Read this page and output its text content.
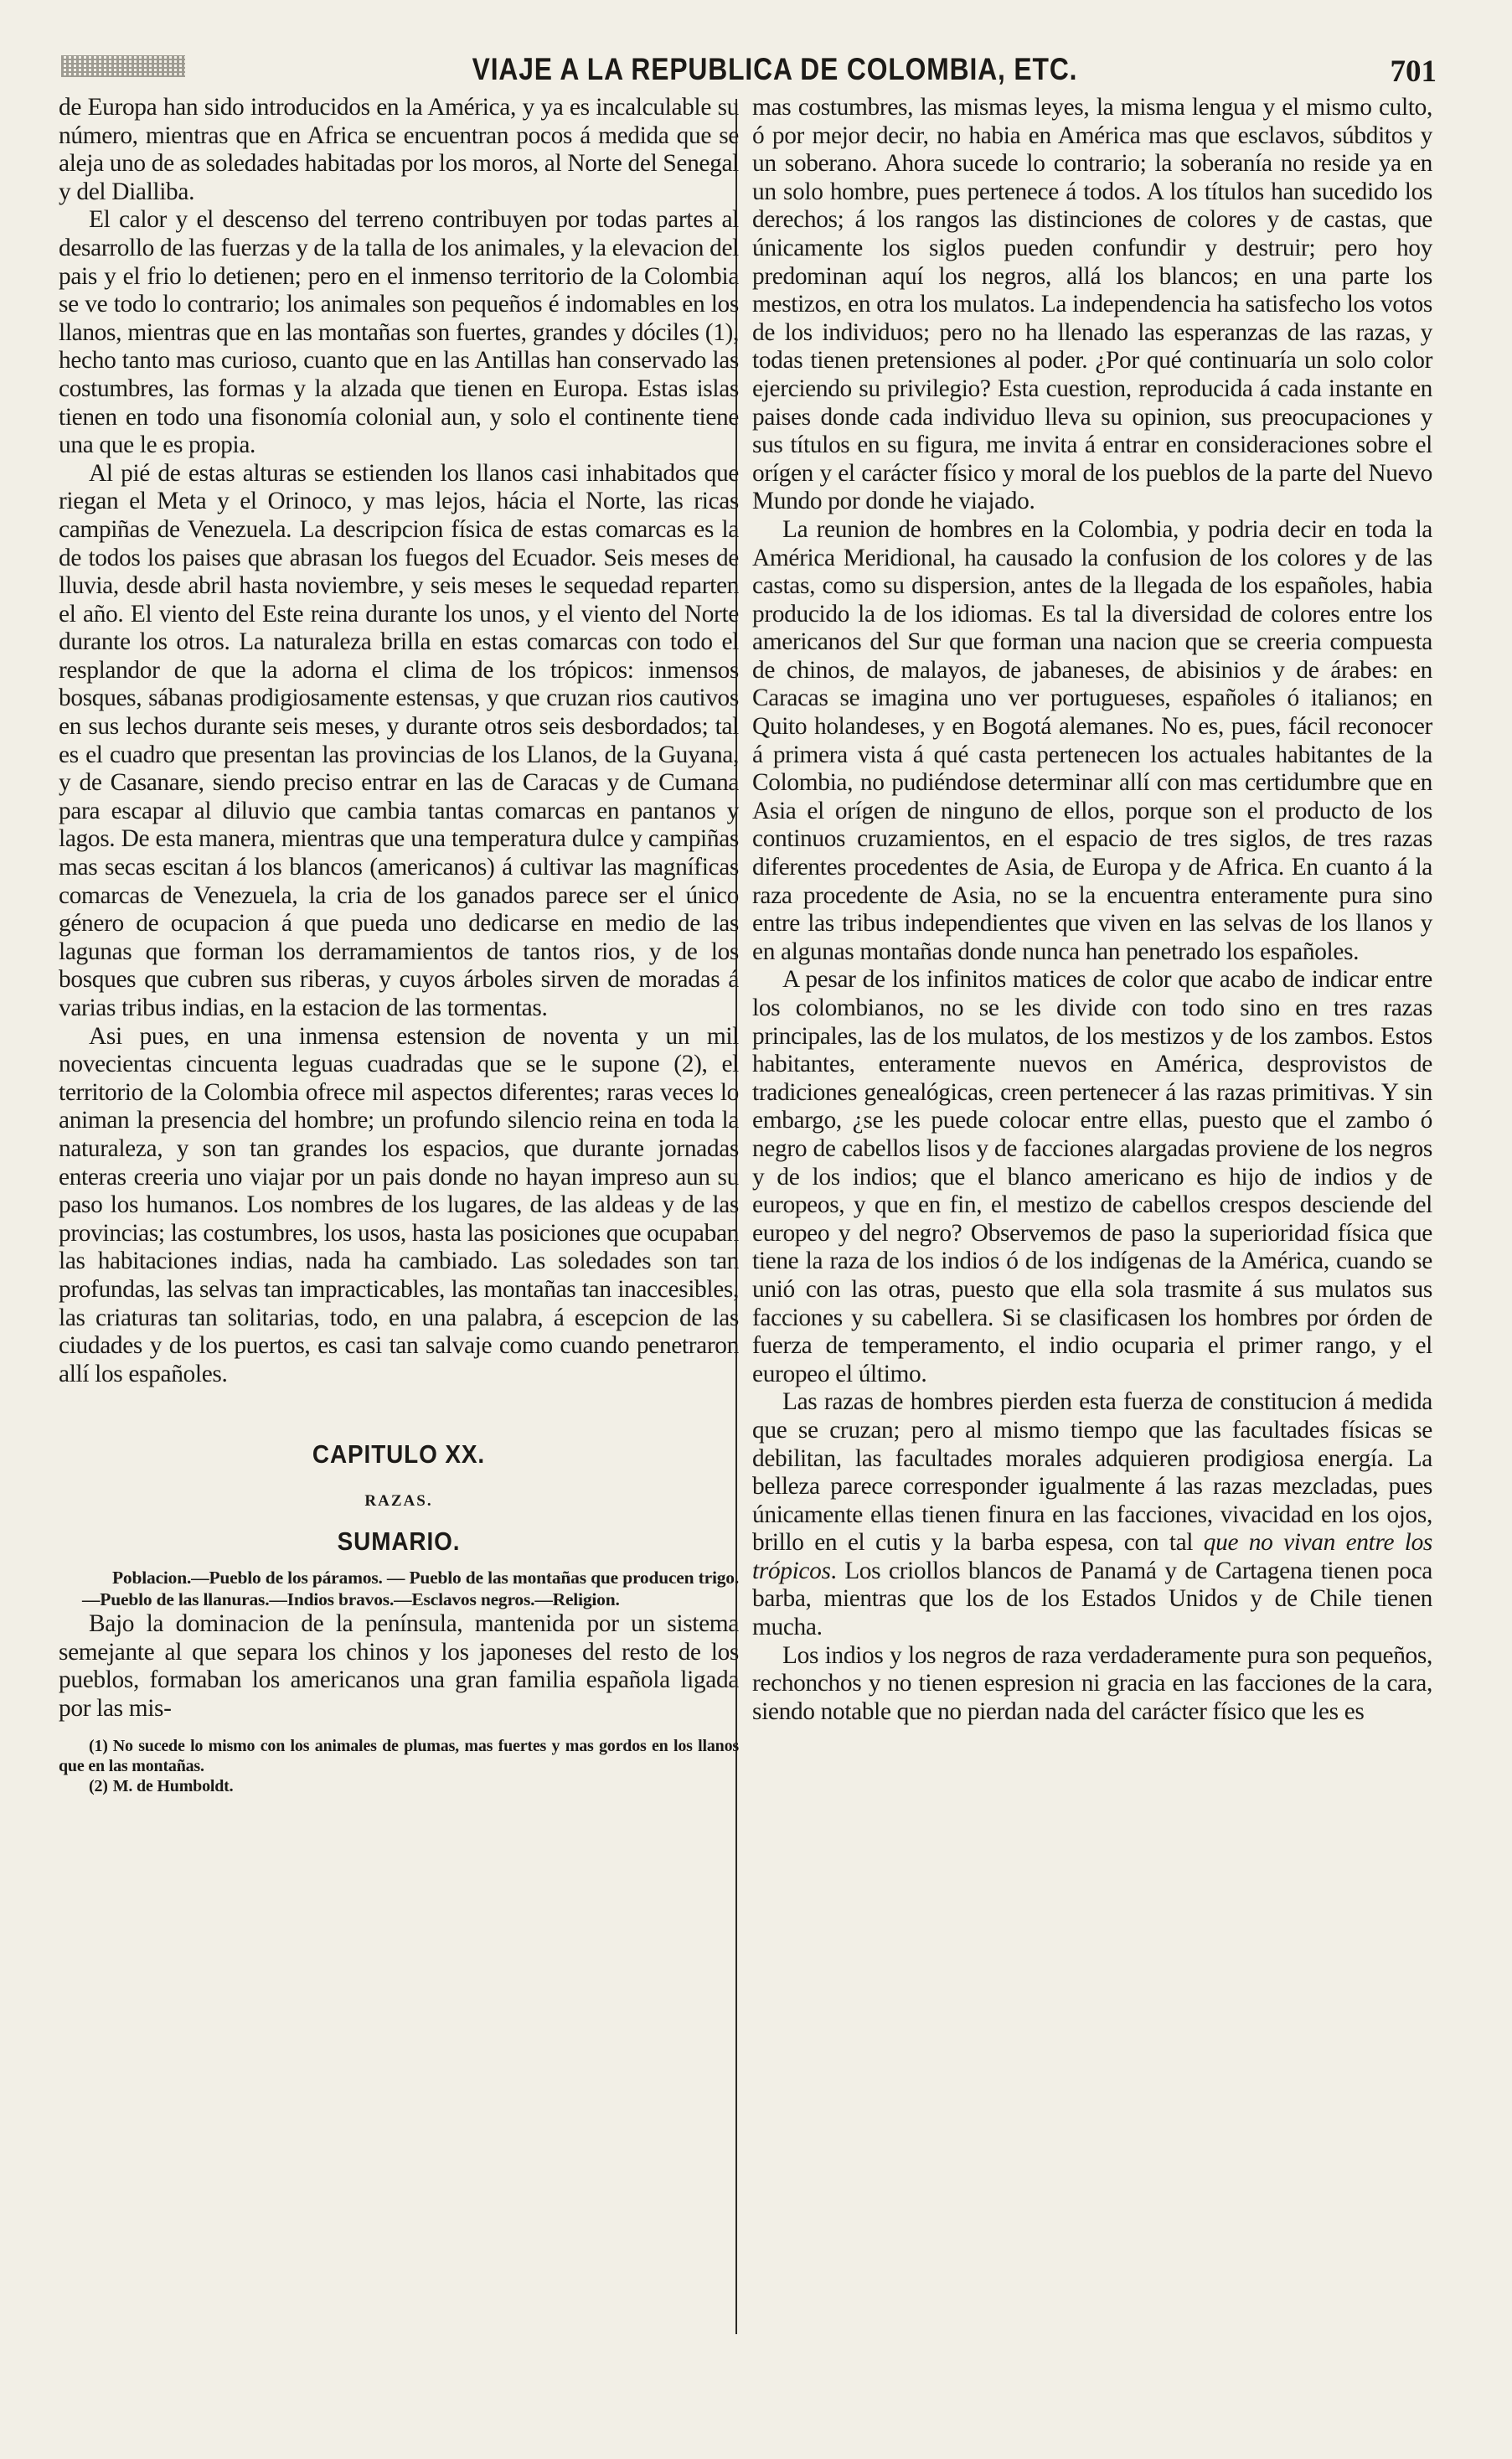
VIAJE A LA REPUBLICA DE COLOMBIA, ETC.	701

de Europa han sido introducidos en la América, y ya es incalculable su número, mientras que en Africa se encuentran pocos á medida que se aleja uno de as soledades habitadas por los moros, al Norte del Senegal y del Dialliba.

El calor y el descenso del terreno contribuyen por todas partes al desarrollo de las fuerzas y de la talla de los animales, y la elevacion del pais y el frio lo detienen; pero en el inmenso territorio de la Colombia se ve todo lo contrario; los animales son pequeños é indomables en los llanos, mientras que en las montañas son fuertes, grandes y dóciles (1), hecho tanto mas curioso, cuanto que en las Antillas han conservado las costumbres, las formas y la alzada que tienen en Europa. Estas islas tienen en todo una fisonomía colonial aun, y solo el continente tiene una que le es propia.

Al pié de estas alturas se estienden los llanos casi inhabitados que riegan el Meta y el Orinoco, y mas lejos, hácia el Norte, las ricas campiñas de Venezuela. La descripcion física de estas comarcas es la de todos los paises que abrasan los fuegos del Ecuador. Seis meses de lluvia, desde abril hasta noviembre, y seis meses le sequedad reparten el año. El viento del Este reina durante los unos, y el viento del Norte durante los otros. La naturaleza brilla en estas comarcas con todo el resplandor de que la adorna el clima de los trópicos: inmensos bosques, sábanas prodigiosamente estensas, y que cruzan rios cautivos en sus lechos durante seis meses, y durante otros seis desbordados; tal es el cuadro que presentan las provincias de los Llanos, de la Guyana, y de Casanare, siendo preciso entrar en las de Caracas y de Cumana para escapar al diluvio que cambia tantas comarcas en pantanos y lagos. De esta manera, mientras que una temperatura dulce y campiñas mas secas escitan á los blancos (americanos) á cultivar las magníficas comarcas de Venezuela, la cria de los ganados parece ser el único género de ocupacion á que pueda uno dedicarse en medio de las lagunas que forman los derramamientos de tantos rios, y de los bosques que cubren sus riberas, y cuyos árboles sirven de moradas á varias tribus indias, en la estacion de las tormentas.

Asi pues, en una inmensa estension de noventa y un mil novecientas cincuenta leguas cuadradas que se le supone (2), el territorio de la Colombia ofrece mil aspectos diferentes; raras veces lo animan la presencia del hombre; un profundo silencio reina en toda la naturaleza, y son tan grandes los espacios, que durante jornadas enteras creeria uno viajar por un pais donde no hayan impreso aun su paso los humanos. Los nombres de los lugares, de las aldeas y de las provincias; las costumbres, los usos, hasta las posiciones que ocupaban las habitaciones indias, nada ha cambiado. Las soledades son tan profundas, las selvas tan impracticables, las montañas tan inaccesibles, las criaturas tan solitarias, todo, en una palabra, á escepcion de las ciudades y de los puertos, es casi tan salvaje como cuando penetraron allí los españoles.

CAPITULO XX.
RAZAS.
SUMARIO.

Poblacion.—Pueblo de los páramos. — Pueblo de las montañas que producen trigo.—Pueblo de las llanuras.—Indios bravos.—Esclavos negros.—Religion.

Bajo la dominacion de la península, mantenida por un sistema semejante al que separa los chinos y los japoneses del resto de los pueblos, formaban los americanos una gran familia española ligada por las mis-

(1) No sucede lo mismo con los animales de plumas, mas fuertes y mas gordos en los llanos que en las montañas.

(2) M. de Humboldt.

mas costumbres, las mismas leyes, la misma lengua y el mismo culto, ó por mejor decir, no habia en América mas que esclavos, súbditos y un soberano. Ahora sucede lo contrario; la soberanía no reside ya en un solo hombre, pues pertenece á todos. A los títulos han sucedido los derechos; á los rangos las distinciones de colores y de castas, que únicamente los siglos pueden confundir y destruir; pero hoy predominan aquí los negros, allá los blancos; en una parte los mestizos, en otra los mulatos. La independencia ha satisfecho los votos de los individuos; pero no ha llenado las esperanzas de las razas, y todas tienen pretensiones al poder. ¿Por qué continuaría un solo color ejerciendo su privilegio? Esta cuestion, reproducida á cada instante en paises donde cada individuo lleva su opinion, sus preocupaciones y sus títulos en su figura, me invita á entrar en consideraciones sobre el orígen y el carácter físico y moral de los pueblos de la parte del Nuevo Mundo por donde he viajado.

La reunion de hombres en la Colombia, y podria decir en toda la América Meridional, ha causado la confusion de los colores y de las castas, como su dispersion, antes de la llegada de los españoles, habia producido la de los idiomas. Es tal la diversidad de colores entre los americanos del Sur que forman una nacion que se creeria compuesta de chinos, de malayos, de jabaneses, de abisinios y de árabes: en Caracas se imagina uno ver portugueses, españoles ó italianos; en Quito holandeses, y en Bogotá alemanes. No es, pues, fácil reconocer á primera vista á qué casta pertenecen los actuales habitantes de la Colombia, no pudiéndose determinar allí con mas certidumbre que en Asia el orígen de ninguno de ellos, porque son el producto de los continuos cruzamientos, en el espacio de tres siglos, de tres razas diferentes procedentes de Asia, de Europa y de Africa. En cuanto á la raza procedente de Asia, no se la encuentra enteramente pura sino entre las tribus independientes que viven en las selvas de los llanos y en algunas montañas donde nunca han penetrado los españoles.

A pesar de los infinitos matices de color que acabo de indicar entre los colombianos, no se les divide con todo sino en tres razas principales, las de los mulatos, de los mestizos y de los zambos. Estos habitantes, enteramente nuevos en América, desprovistos de tradiciones genealógicas, creen pertenecer á las razas primitivas. Y sin embargo, ¿se les puede colocar entre ellas, puesto que el zambo ó negro de cabellos lisos y de facciones alargadas proviene de los negros y de los indios; que el blanco americano es hijo de indios y de europeos, y que en fin, el mestizo de cabellos crespos desciende del europeo y del negro? Observemos de paso la superioridad física que tiene la raza de los indios ó de los indígenas de la América, cuando se unió con las otras, puesto que ella sola trasmite á sus mulatos sus facciones y su cabellera. Si se clasificasen los hombres por órden de fuerza de temperamento, el indio ocuparia el primer rango, y el europeo el último.

Las razas de hombres pierden esta fuerza de constitucion á medida que se cruzan; pero al mismo tiempo que las facultades físicas se debilitan, las facultades morales adquieren prodigiosa energía. La belleza parece corresponder igualmente á las razas mezcladas, pues únicamente ellas tienen finura en las facciones, vivacidad en los ojos, brillo en el cutis y la barba espesa, con tal que no vivan entre los trópicos. Los criollos blancos de Panamá y de Cartagena tienen poca barba, mientras que los de los Estados Unidos y de Chile tienen mucha.

Los indios y los negros de raza verdaderamente pura son pequeños, rechonchos y no tienen espresion ni gracia en las facciones de la cara, siendo notable que no pierdan nada del carácter físico que les es
